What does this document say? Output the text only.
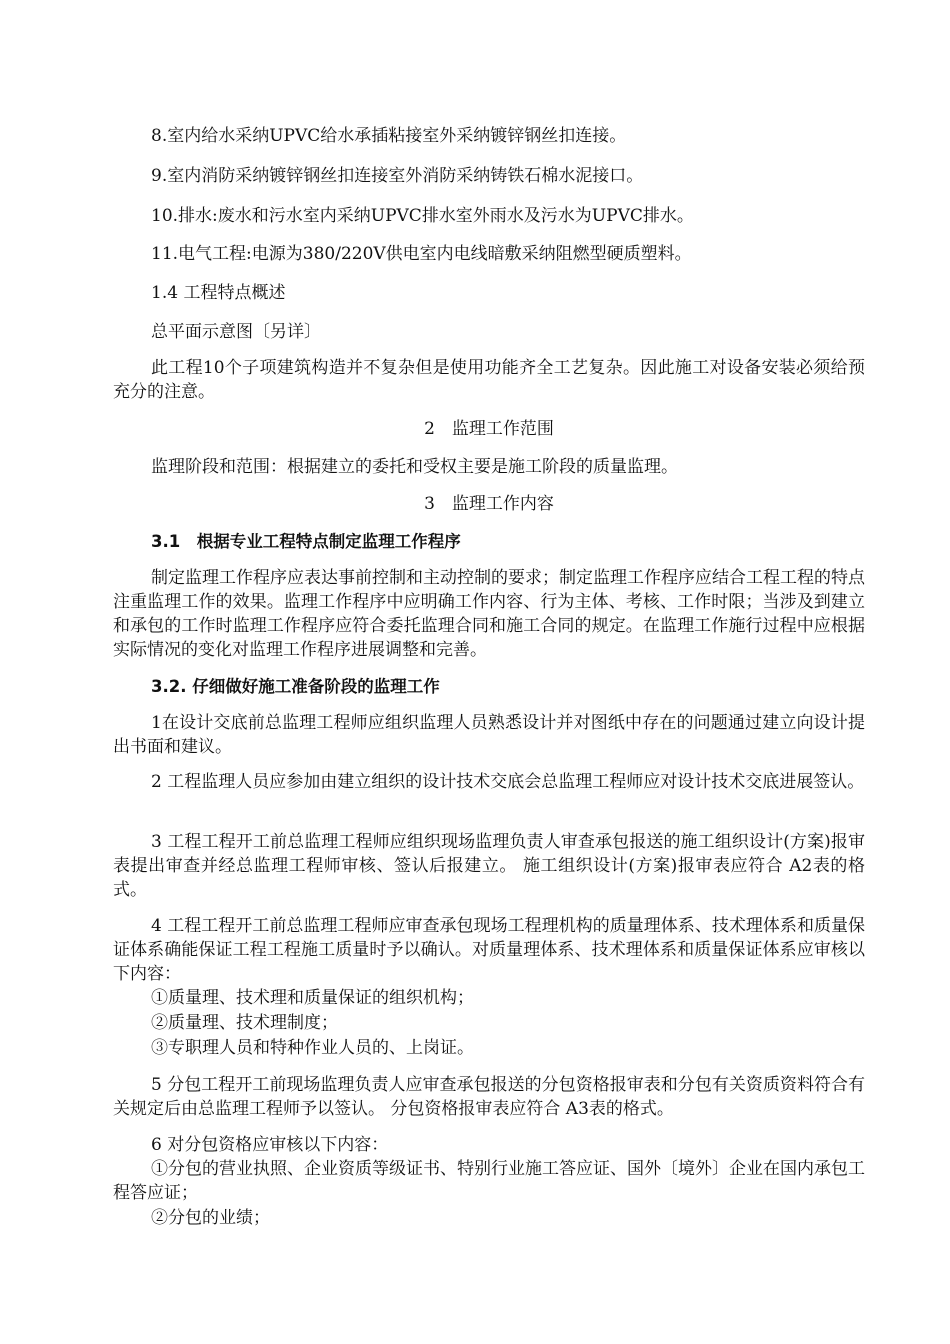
8.室内给水采纳UPVC给水承插粘接室外采纳镀锌钢丝扣连接。

9.室内消防采纳镀锌钢丝扣连接室外消防采纳铸铁石棉水泥接口。

10.排水:废水和污水室内采纳UPVC排水室外雨水及污水为UPVC排水。

11.电气工程:电源为380/220V供电室内电线暗敷采纳阻燃型硬质塑料。

1.4 工程特点概述

总平面示意图〔另详〕

此工程10个子项建筑构造并不复杂但是使用功能齐全工艺复杂。因此施工对设备安装必须给预充分的注意。

2　监理工作范围

监理阶段和范围：根据建立的委托和受权主要是施工阶段的质量监理。

3　监理工作内容

3.1　根据专业工程特点制定监理工作程序

制定监理工作程序应表达事前控制和主动控制的要求；制定监理工作程序应结合工程工程的特点注重监理工作的效果。监理工作程序中应明确工作内容、行为主体、考核、工作时限；当涉及到建立和承包的工作时监理工作程序应符合委托监理合同和施工合同的规定。在监理工作施行过程中应根据实际情况的变化对监理工作程序进展调整和完善。

3.2. 仔细做好施工准备阶段的监理工作

1在设计交底前总监理工程师应组织监理人员熟悉设计并对图纸中存在的问题通过建立向设计提出书面和建议。

2 工程监理人员应参加由建立组织的设计技术交底会总监理工程师应对设计技术交底进展签认。

3 工程工程开工前总监理工程师应组织现场监理负责人审查承包报送的施工组织设计(方案)报审表提出审查并经总监理工程师审核、签认后报建立。 施工组织设计(方案)报审表应符合 A2表的格式。

4 工程工程开工前总监理工程师应审查承包现场工程理机构的质量理体系、技术理体系和质量保证体系确能保证工程工程施工质量时予以确认。对质量理体系、技术理体系和质量保证体系应审核以下内容：

①质量理、技术理和质量保证的组织机构；

②质量理、技术理制度；

③专职理人员和特种作业人员的、上岗证。

5 分包工程开工前现场监理负责人应审查承包报送的分包资格报审表和分包有关资质资料符合有关规定后由总监理工程师予以签认。 分包资格报审表应符合 A3表的格式。

6 对分包资格应审核以下内容：

①分包的营业执照、企业资质等级证书、特别行业施工答应证、国外〔境外〕企业在国内承包工程答应证；

②分包的业绩；
